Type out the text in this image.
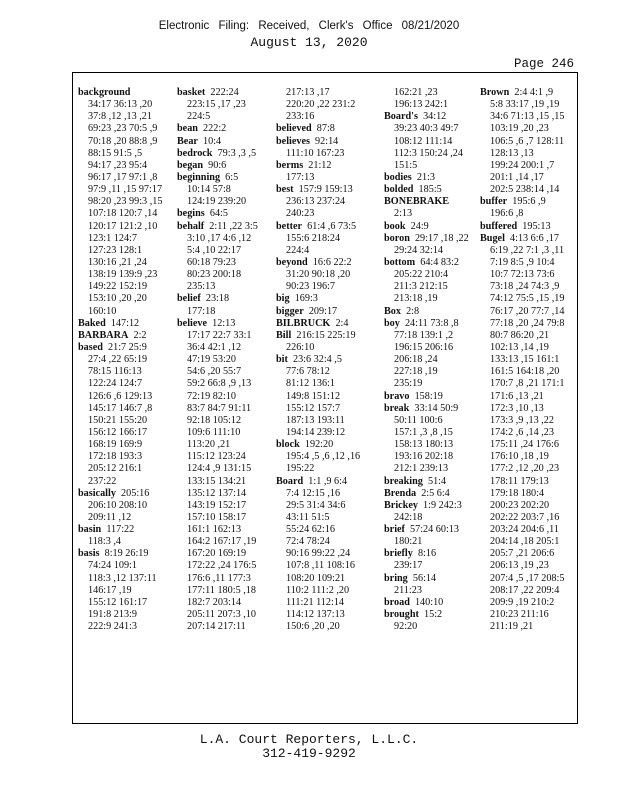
Electronic Filing: Received, Clerk's Office 08/21/2020
August 13, 2020
Page 246
background
34:17 36:13 ,20
37:8 ,12 ,13 ,21
69:23 ,23 70:5 ,9
70:18 ,20 88:8 ,9
88:15 91:5 ,5
94:17 ,23 95:4
96:17 ,17 97:1 ,8
97:9 ,11 ,15 97:17
98:20 ,23 99:3 ,15
107:18 120:7 ,14
120:17 121:2 ,10
123:1 124:7
127:23 128:1
130:16 ,21 ,24
138:19 139:9 ,23
149:22 152:19
153:10 ,20 ,20
160:10
Baked 147:12
BARBARA 2:2
based 21:7 25:9
27:4 ,22 65:19
78:15 116:13
122:24 124:7
126:6 ,6 129:13
145:17 146:7 ,8
150:21 155:20
156:12 166:17
168:19 169:9
172:18 193:3
205:12 216:1
237:22
basically 205:16
206:10 208:10
209:11 ,12
basin 117:22
118:3 ,4
basis 8:19 26:19
74:24 109:1
118:3 ,12 137:11
146:17 ,19
155:12 161:17
191:8 213:9
222:9 241:3
basket 222:24
223:15 ,17 ,23
224:5
bean 222:2
Bear 10:4
bedrock 79:3 ,3 ,5
began 90:6
beginning 6:5
10:14 57:8
124:19 239:20
begins 64:5
behalf 2:11 ,22 3:5
3:10 ,17 4:6 ,12
5:4 ,10 22:17
60:18 79:23
80:23 200:18
235:13
belief 23:18
177:18
believe 12:13
17:17 22:7 33:1
36:4 42:1 ,12
47:19 53:20
54:6 ,20 55:7
59:2 66:8 ,9 ,13
72:19 82:10
83:7 84:7 91:11
92:18 105:12
109:6 111:10
113:20 ,21
115:12 123:24
124:4 ,9 131:15
133:15 134:21
135:12 137:14
143:19 152:17
157:10 158:17
161:1 162:13
164:2 167:17 ,19
167:20 169:19
172:22 ,24 176:5
176:6 ,11 177:3
177:11 180:5 ,18
182:7 203:14
205:11 207:3 ,10
207:14 217:11
217:13 ,17
220:20 ,22 231:2
233:16
believed 87:8
believes 92:14
111:10 167:23
berms 21:12
177:13
best 157:9 159:13
236:13 237:24
240:23
better 61:4 ,6 73:5
155:6 218:24
224:4
beyond 16:6 22:2
31:20 90:18 ,20
90:23 196:7
big 169:3
bigger 209:17
BILBRUCK 2:4
Bill 216:15 225:19
226:10
bit 23:6 32:4 ,5
77:6 78:12
81:12 136:1
149:8 151:12
155:12 157:7
187:13 193:11
194:14 239:12
block 192:20
195:4 ,5 ,6 ,12 ,16
195:22
Board 1:1 ,9 6:4
7:4 12:15 ,16
29:5 31:4 34:6
43:11 51:5
55:24 62:16
72:4 78:24
90:16 99:22 ,24
107:8 ,11 108:16
108:20 109:21
110:2 111:2 ,20
111:21 112:14
114:12 137:13
150:6 ,20 ,20
162:21 ,23
196:13 242:1
Board's 34:12
39:23 40:3 49:7
108:12 111:14
112:3 150:24 ,24
151:5
bodies 21:3
bolded 185:5
BONEBRAKE
2:13
book 24:9
boron 29:17 ,18 ,22
29:24 32:14
bottom 64:4 83:2
205:22 210:4
211:3 212:15
213:18 ,19
Box 2:8
boy 24:11 73:8 ,8
77:18 139:1 ,2
196:15 206:16
206:18 ,24
227:18 ,19
235:19
bravo 158:19
break 33:14 50:9
50:11 100:6
157:1 ,3 ,8 ,15
158:13 180:13
193:16 202:18
212:1 239:13
breaking 51:4
Brenda 2:5 6:4
Brickey 1:9 242:3
242:18
brief 57:24 60:13
180:21
briefly 8:16
239:17
bring 56:14
211:23
broad 140:10
brought 15:2
92:20
Brown 2:4 4:1 ,9
5:8 33:17 ,19 ,19
34:6 71:13 ,15 ,15
103:19 ,20 ,23
106:5 ,6 ,7 128:11
128:13 ,13
199:24 200:1 ,7
201:1 ,14 ,17
202:5 238:14 ,14
buffer 195:6 ,9
196:6 ,8
buffered 195:13
Bugel 4:13 6:6 ,17
6:19 ,22 7:1 ,3 ,11
7:19 8:5 ,9 10:4
10:7 72:13 73:6
73:18 ,24 74:3 ,9
74:12 75:5 ,15 ,19
76:17 ,20 77:7 ,14
77:18 ,20 ,24 79:8
80:7 86:20 ,21
102:13 ,14 ,19
133:13 ,15 161:1
161:5 164:18 ,20
170:7 ,8 ,21 171:1
171:6 ,13 ,21
172:3 ,10 ,13
173:3 ,9 ,13 ,22
174:2 ,6 ,14 ,23
175:11 ,24 176:6
176:10 ,18 ,19
177:2 ,12 ,20 ,23
178:11 179:13
179:18 180:4
200:23 202:20
202:22 203:7 ,16
203:24 204:6 ,11
204:14 ,18 205:1
205:7 ,21 206:6
206:13 ,19 ,23
207:4 ,5 ,17 208:5
208:17 ,22 209:4
209:9 ,19 210:2
210:23 211:16
211:19 ,21
L.A. Court Reporters, L.L.C.
312-419-9292
